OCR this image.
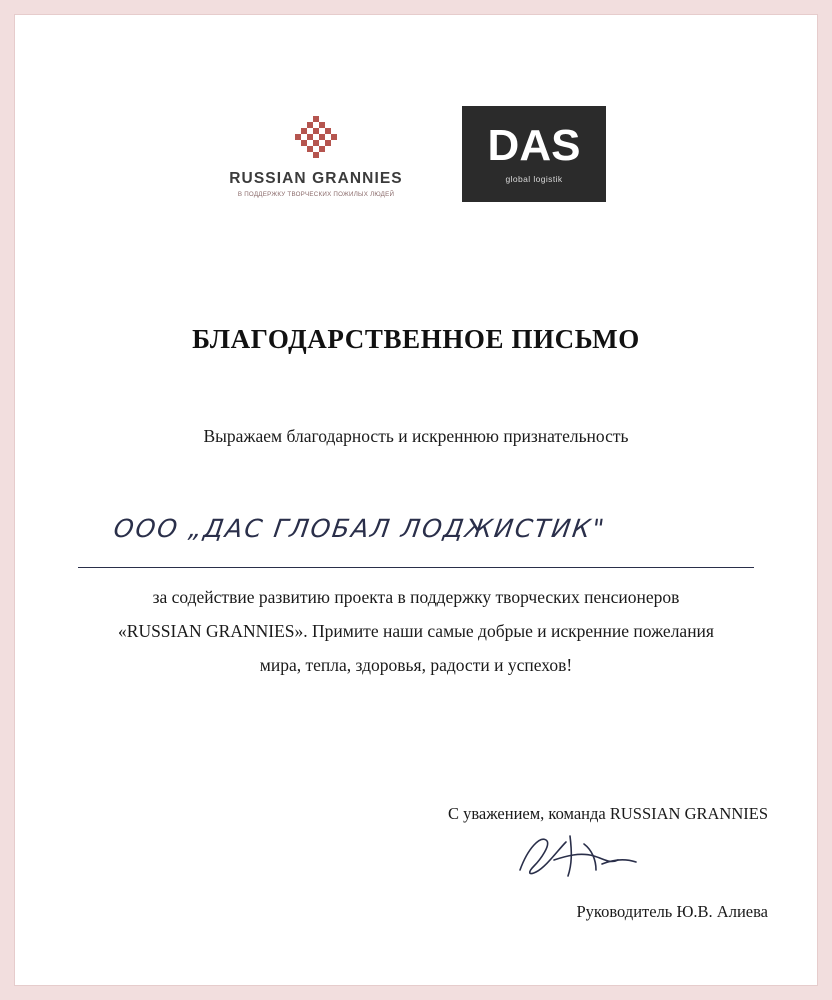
RUSSIAN GRANNIES
В ПОДДЕРЖКУ ТВОРЧЕСКИХ ПОЖИЛЫХ ЛЮДЕЙ
DAS
global logistik
БЛАГОДАРСТВЕННОЕ ПИСЬМО
Выражаем благодарность и искреннюю признательность
ООО „ДАС ГЛОБАЛ ЛОДЖИСТИК"
за содействие развитию проекта в поддержку творческих пенсионеров
«RUSSIAN GRANNIES». Примите наши самые добрые и искренние пожелания
мира, тепла, здоровья, радости и успехов!
С уважением, команда RUSSIAN GRANNIES
Руководитель Ю.В. Алиева
